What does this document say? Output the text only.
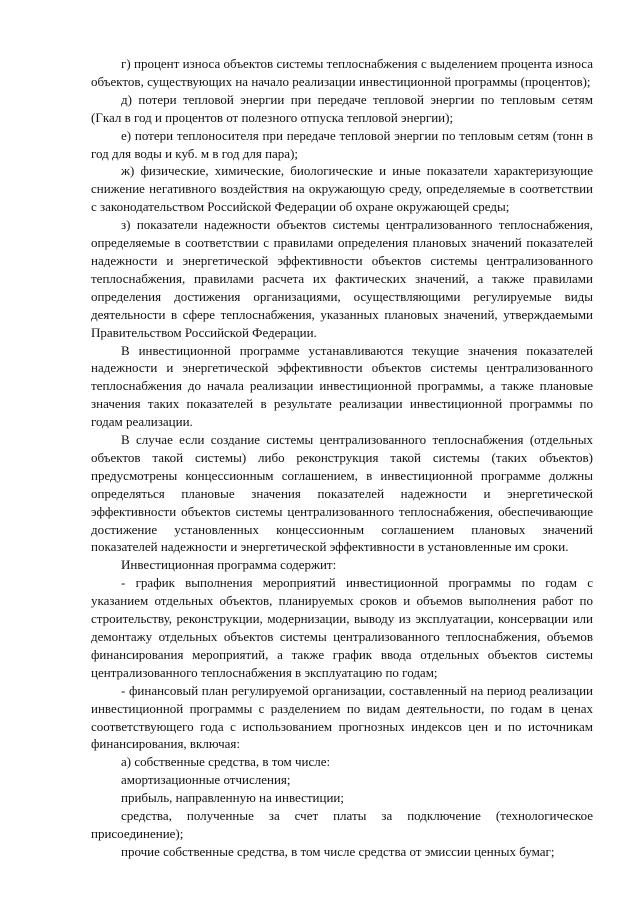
г) процент износа объектов системы теплоснабжения с выделением процента износа объектов, существующих на начало реализации инвестиционной программы (процентов);

д) потери тепловой энергии при передаче тепловой энергии по тепловым сетям (Гкал в год и процентов от полезного отпуска тепловой энергии);

е) потери теплоносителя при передаче тепловой энергии по тепловым сетям (тонн в год для воды и куб. м в год для пара);

ж) физические, химические, биологические и иные показатели характеризующие снижение негативного воздействия на окружающую среду, определяемые в соответствии с законодательством Российской Федерации об охране окружающей среды;

з) показатели надежности объектов системы централизованного теплоснабжения, определяемые в соответствии с правилами определения плановых значений показателей надежности и энергетической эффективности объектов системы централизованного теплоснабжения, правилами расчета их фактических значений, а также правилами определения достижения организациями, осуществляющими регулируемые виды деятельности в сфере теплоснабжения, указанных плановых значений, утверждаемыми Правительством Российской Федерации.

В инвестиционной программе устанавливаются текущие значения показателей надежности и энергетической эффективности объектов системы централизованного теплоснабжения до начала реализации инвестиционной программы, а также плановые значения таких показателей в результате реализации инвестиционной программы по годам реализации.

В случае если создание системы централизованного теплоснабжения (отдельных объектов такой системы) либо реконструкция такой системы (таких объектов) предусмотрены концессионным соглашением, в инвестиционной программе должны определяться плановые значения показателей надежности и энергетической эффективности объектов системы централизованного теплоснабжения, обеспечивающие достижение установленных концессионным соглашением плановых значений показателей надежности и энергетической эффективности в установленные им сроки.

Инвестиционная программа содержит:

- график выполнения мероприятий инвестиционной программы по годам с указанием отдельных объектов, планируемых сроков и объемов выполнения работ по строительству, реконструкции, модернизации, выводу из эксплуатации, консервации или демонтажу отдельных объектов системы централизованного теплоснабжения, объемов финансирования мероприятий, а также график ввода отдельных объектов системы централизованного теплоснабжения в эксплуатацию по годам;

- финансовый план регулируемой организации, составленный на период реализации инвестиционной программы с разделением по видам деятельности, по годам в ценах соответствующего года с использованием прогнозных индексов цен и по источникам финансирования, включая:

а) собственные средства, в том числе:

амортизационные отчисления;

прибыль, направленную на инвестиции;

средства, полученные за счет платы за подключение (технологическое присоединение);

прочие собственные средства, в том числе средства от эмиссии ценных бумаг;
